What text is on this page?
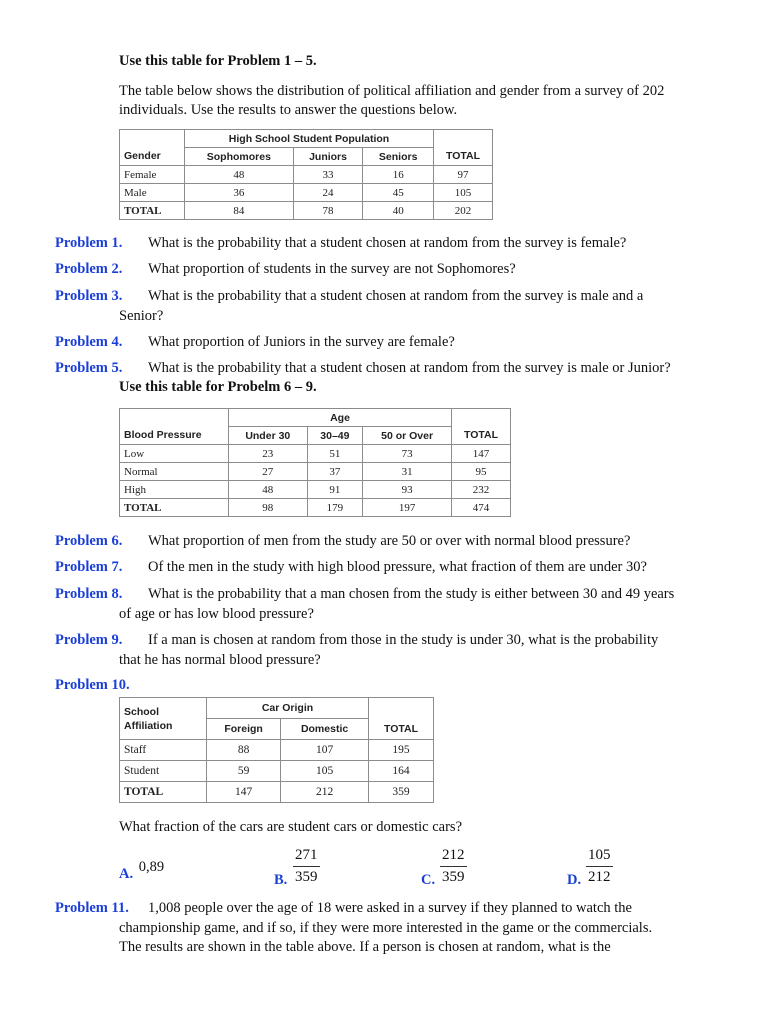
Use this table for Problem 1 – 5.
The table below shows the distribution of political affiliation and gender from a survey of 202 individuals. Use the results to answer the questions below.
	High School Student Population			
Gender	Sophomores	Juniors	Seniors	TOTAL
Female	48	33	16	97
Male	36	24	45	105
TOTAL	84	78	40	202
Problem 1. What is the probability that a student chosen at random from the survey is female?
Problem 2. What proportion of students in the survey are not Sophomores?
Problem 3. What is the probability that a student chosen at random from the survey is male and a
Senior?
Problem 4. What proportion of Juniors in the survey are female?
Problem 5. What is the probability that a student chosen at random from the survey is male or Junior?
Use this table for Probelm 6 – 9.
	Age			
Blood Pressure	Under 30	30–49	50 or Over	TOTAL
Low	23	51	73	147
Normal	27	37	31	95
High	48	91	93	232
TOTAL	98	179	197	474
Problem 6. What proportion of men from the study are 50 or over with normal blood pressure?
Problem 7. Of the men in the study with high blood pressure, what fraction of them are under 30?
Problem 8. What is the probability that a man chosen from the study is either between 30 and 49 years
of age or has low blood pressure?
Problem 9. If a man is chosen at random from those in the study is under 30, what is the probability
that he has normal blood pressure?
Problem 10.
School
Affiliation	Car Origin		
	Foreign	Domestic	TOTAL
Staff	88	107	195
Student	59	105	164
TOTAL	147	212	359
What fraction of the cars are student cars or domestic cars?
A. 0,89
B. $\frac{271}{359}$	C. $\frac{212}{359}$	D. $\frac{105}{212}$
Problem 11. 1,008 people over the age of 18 were asked in a survey if they planned to watch the
championship game, and if so, if they were more interested in the game or the commercials.
The results are shown in the table above. If a person is chosen at random, what is the
